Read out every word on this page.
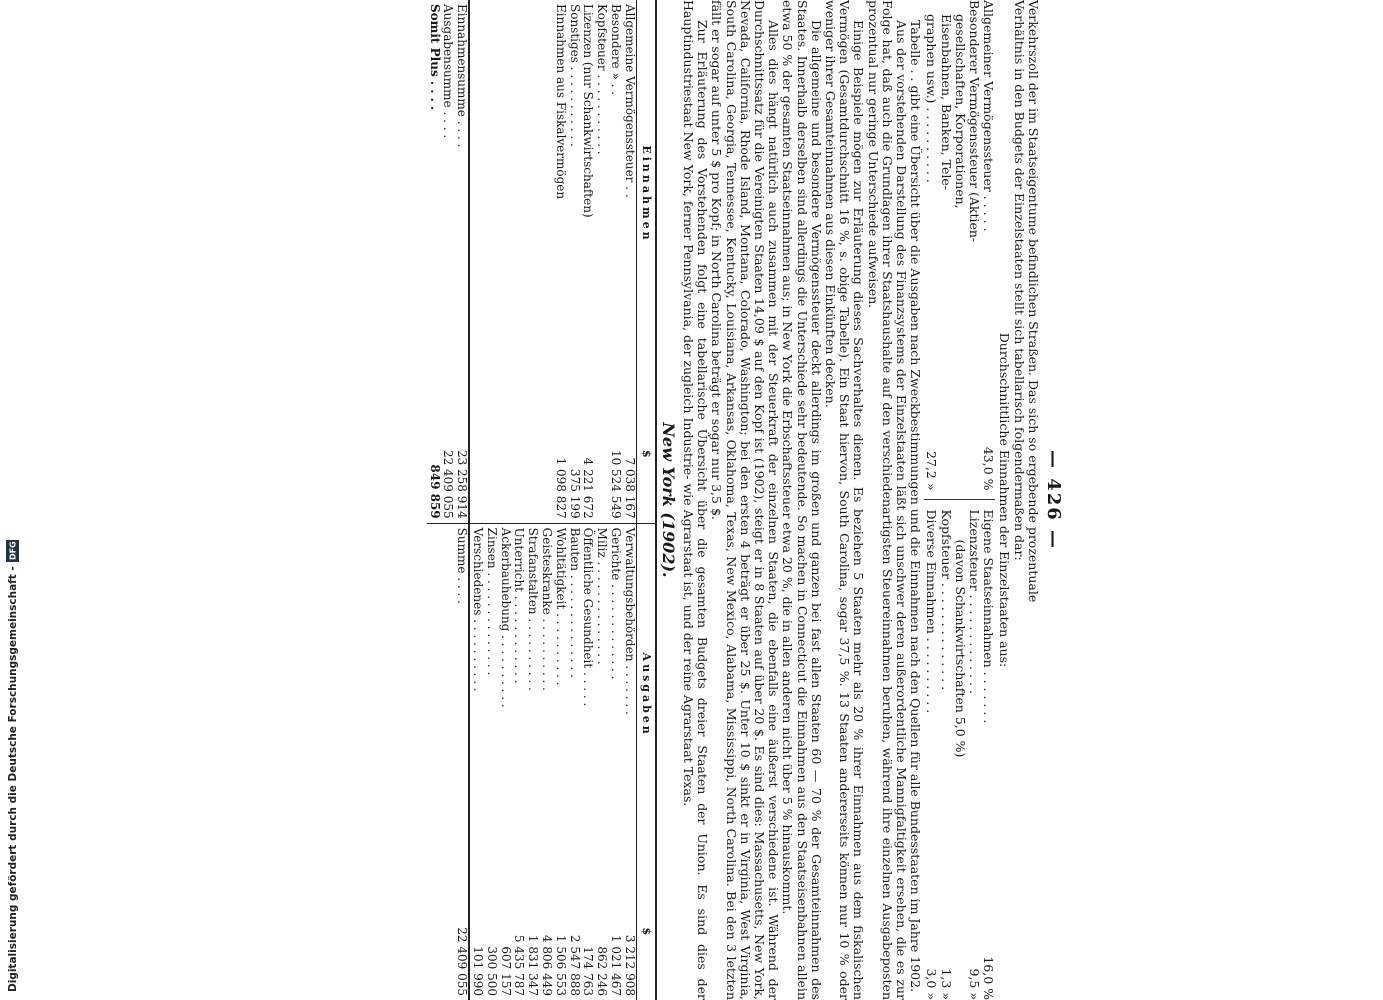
Digitalisierung gefördert durch die Deutsche Forschungsgemeinschaft -
DFG
— 426 —

Verkehrszoll der im Staatseigentume befindlichen Straßen. Das sich so ergebende prozentuale

Verhältnis in den Budgets der Einzelstaaten stellt sich tabellarisch folgendermaßen dar:

Durchschnittliche Einnahmen der Einzelstaaten aus:

Allgemeiner Vermögenssteuer . . . . .
43,0 %
Besonderer Vermögenssteuer (Aktien-
gesellschaften, Korporationen,
Eisenbahnen, Banken, Tele-
graphen usw.) . . . . . . . . . .
27,2 »
Eigene Staatseinnahmen . . . . . . .
16,0 %
Lizenzsteuer . . . . . . . . . . . . .
9,5 »
(davon Schankwirtschaften 5,0 %)
Kopfsteuer . . . . . . . . . . . . . .
1,3 »
Diverse Einnahmen . . . . . . . . . .
3,0 »

Tabelle . . gibt eine Übersicht über die Ausgaben nach Zweckbestimmungen und die Einnahmen nach den Quellen für alle Bundesstaaten im Jahre 1902.

Aus der vorstehenden Darstellung des Finanzsystems der Einzelstaaten läßt sich unschwer deren außerordentliche Mannigfaltigkeit ersehen, die es zur Folge hat, daß auch die Grundlagen ihrer Staatshaushalte auf den verschiedenartigsten Steuereinnahmen beruhen, während ihre einzelnen Ausgabeposten prozentual nur geringe Unterschiede aufweisen.

Einige Beispiele mögen zur Erläuterung dieses Sachverhaltes dienen. Es beziehen 5 Staaten mehr als 20 % ihrer Einnahmen aus dem fiskalischen Vermögen (Gesamtdurchschnitt 16 %, s. obige Tabelle). Ein Staat hiervon, South Carolina, sogar 37,5 %. 13 Staaten andererseits können nur 10 % oder weniger ihrer Gesamteinnahmen aus diesen Einkünften decken.

Die allgemeine und besondere Vermögenssteuer deckt allerdings im großen und ganzen bei fast allen Staaten 60 — 70 % der Gesamteinnahmen des Staates. Innerhalb derselben sind allerdings die Unterschiede sehr bedeutende. So machen in Connecticut die Einnahmen aus den Staatseisenbahnen allein etwa 50 % der gesamten Staatseinnahmen aus; in New York die Erbschaftssteuer etwa 20 %, die in allen anderen nicht über 5 % hinauskommt.

Alles dies hängt natürlich auch zusammen mit der Steuerkraft der einzelnen Staaten, die ebenfalls eine äußerst verschiedene ist. Während der Durchschnittssatz für die Vereinigten Staaten 14,09 $ auf den Kopf ist (1902), steigt er in 8 Staaten auf über 20 $. Es sind dies: Massachusetts, New York, Nevada, California, Rhode Island, Montana, Colorado, Washington; bei den ersten 4 beträgt er über 25 $. Unter 10 $ sinkt er in Virginia, West Virginia, South Carolina, Georgia, Tennessee, Kentucky, Louisiana, Arkansas, Oklahoma, Texas, New Mexico, Alabama, Mississippi, North Carolina. Bei den 3 letzten fällt er sogar auf unter 5 $ pro Kopf; in North Carolina beträgt er sogar nur 3,5 $.

Zur Erläuterung des Vorstehenden folgt eine tabellarische Übersicht über die gesamten Budgets dreier Staaten der Union. Es sind dies der Hauptindustriestaat New York, ferner Pennsylvania, der zugleich Industrie- wie Agrarstaat ist, und der reine Agrarstaat Texas.

New York (1902).
Einnahmen	$	Ausgaben	$
Allgemeine Vermögenssteuer . .	7 038 167	Verwaltungsbehörden . . . . . . .	3 212 908
Besondere » . .	10 524 549	Gerichte . . . . . . . . . . . . .	1 021 467
Kopfsteuer . . . . . . . . . . .		Miliz . . . . . . . . . . . . . .	862 246
Lizenzen (nur Schankwirtschaften)	4 221 672	Öffentliche Gesundheit . . . . .	174 763
Sonstiges . . . . . . . . . . .	375 199	Bauten . . . . . . . . . . . . . .	2 547 888
Einnahmen aus Fiskalvermögen	1 098 827	Wohltätigkeit . . . . . . . . . .	1 506 553
		Geisteskranke . . . . . . . . . .	4 806 449
		Strafanstalten . . . . . . . . . .	1 831 347
		Unterricht . . . . . . . . . . . .	5 435 787
		Ackerbauhebung . . . . . . . . . .	607 157
		Zinsen . . . . . . . . . . . . . .	300 500
		Verschiedenes . . . . . . . . . .	101 990
Einnahmensumme . . . .	23 258 914	Summe . . . .	22 409 055
Ausgabensumme . . . .	22 409 055		
Somit Plus . . . .	849 859		
